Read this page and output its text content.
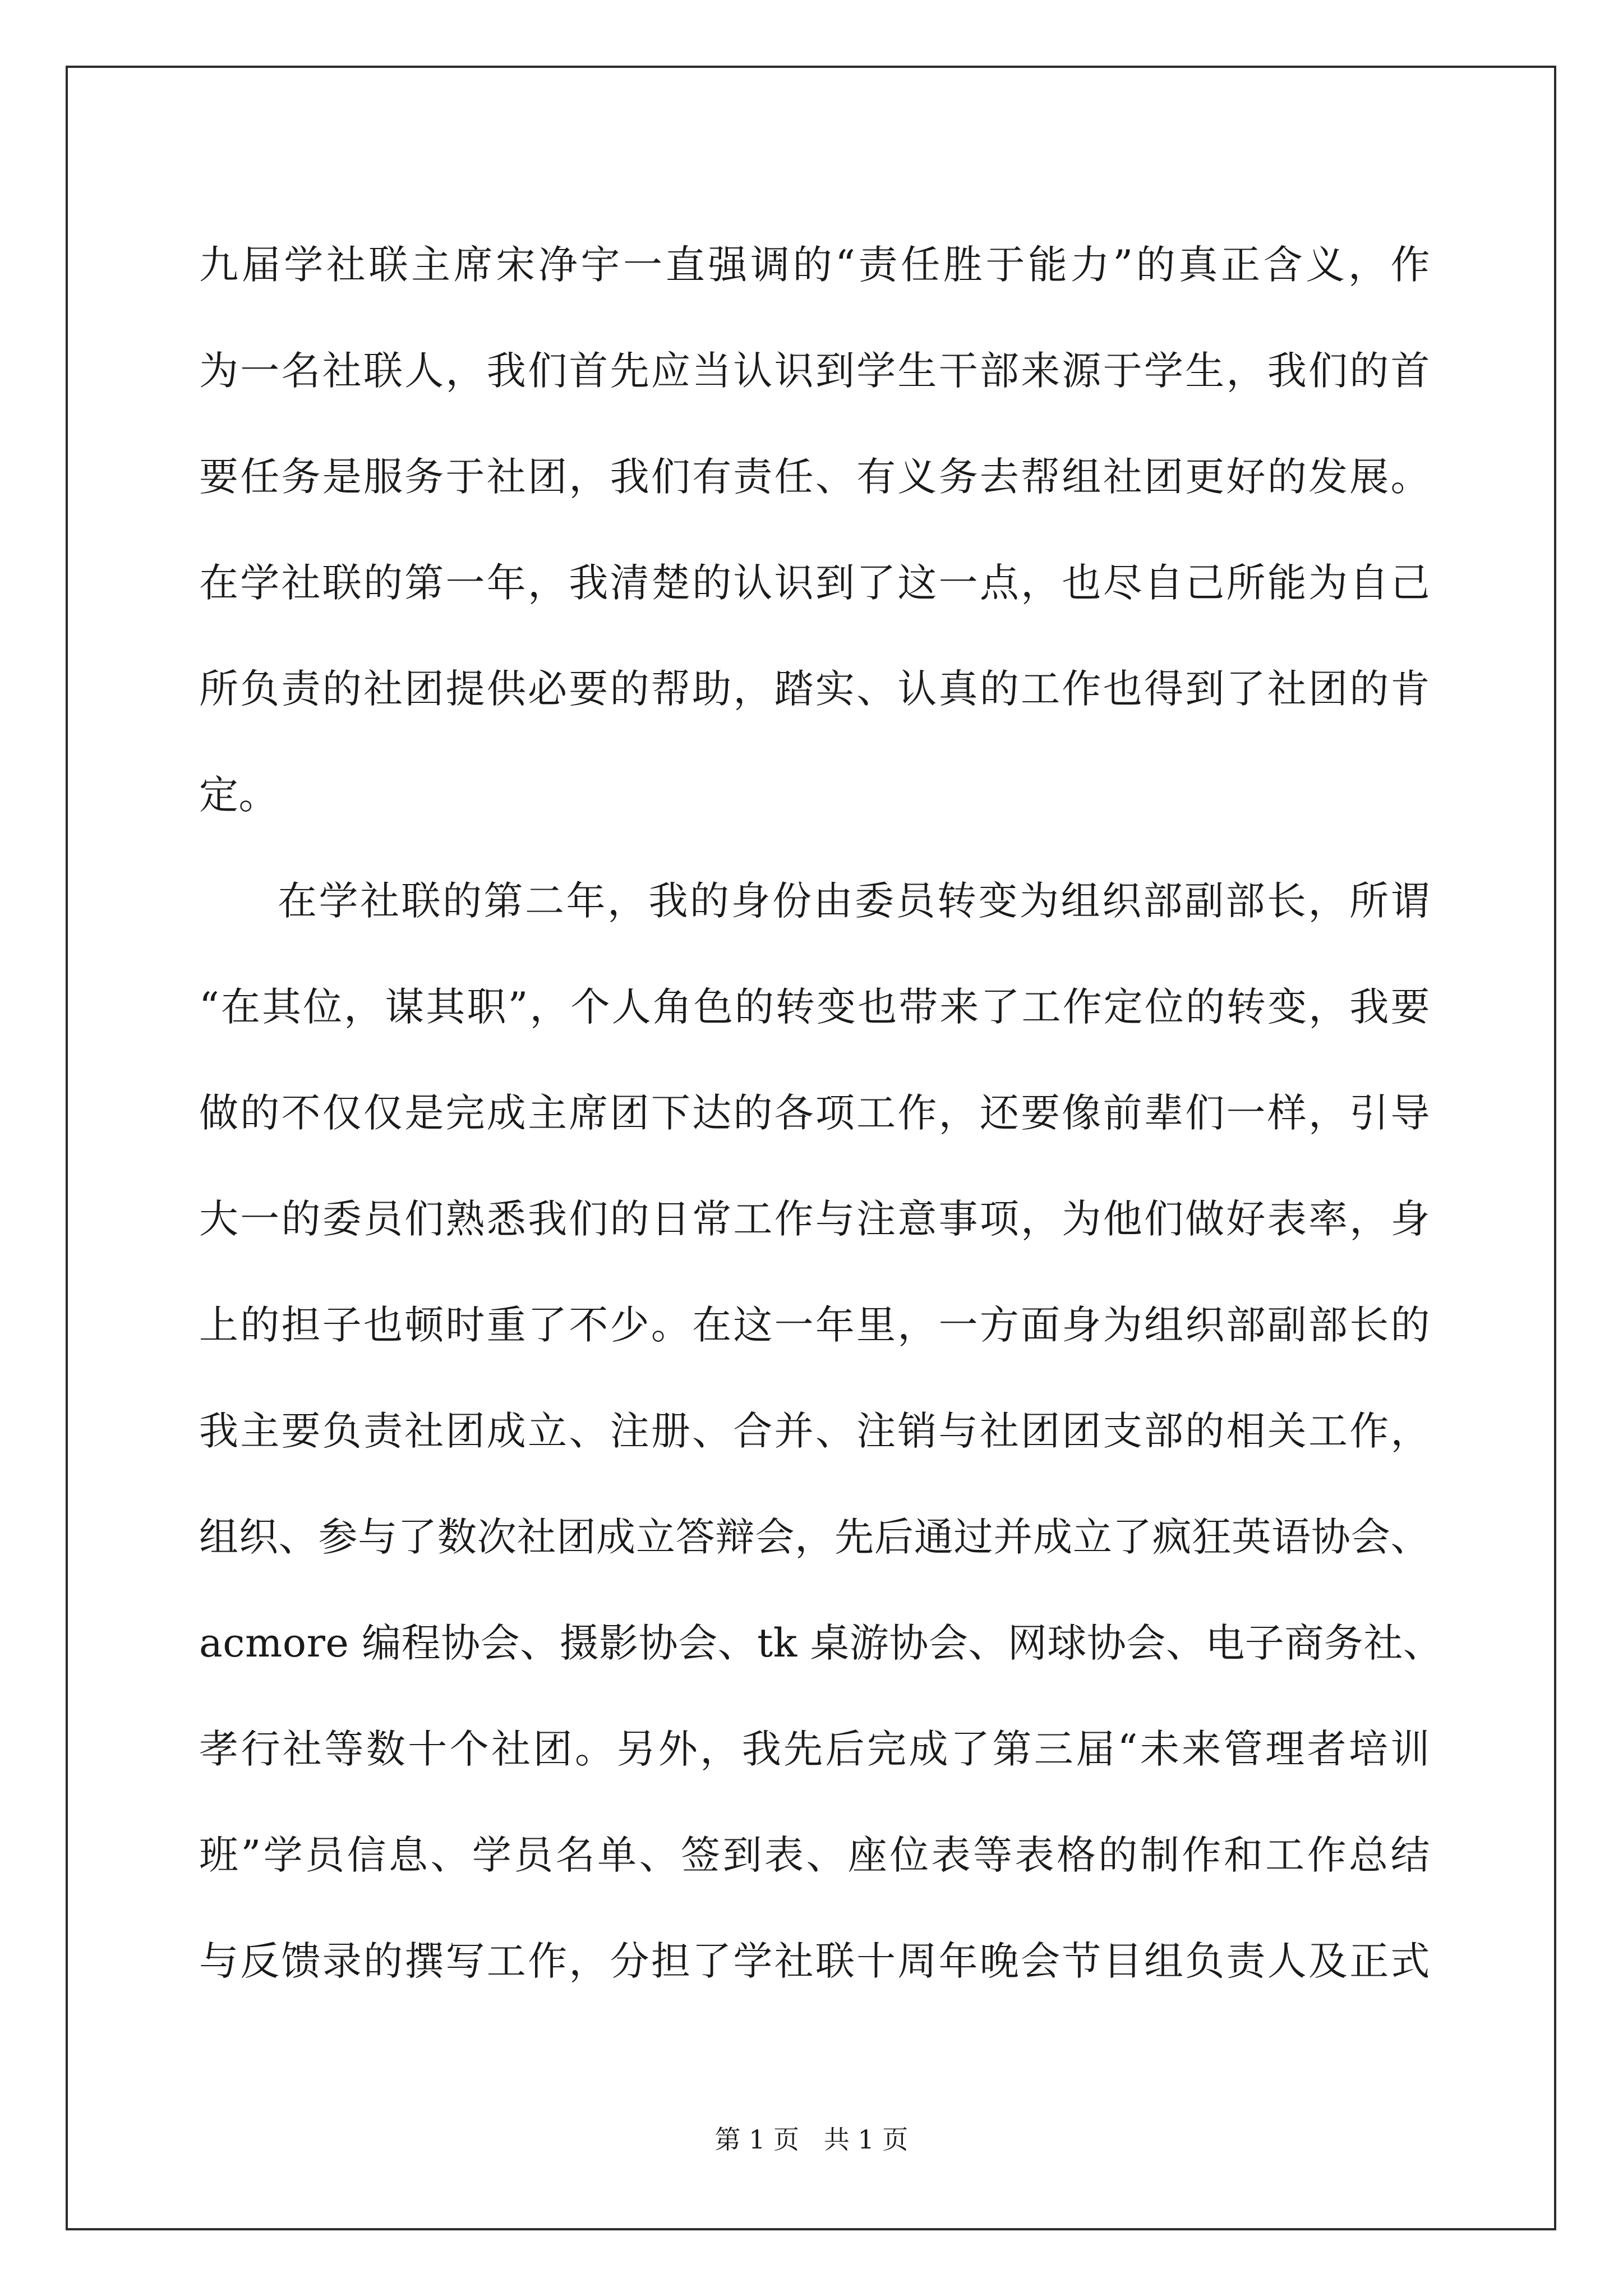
九届学社联主席宋净宇一直强调的“责任胜于能力”的真正含义，作
为一名社联人，我们首先应当认识到学生干部来源于学生，我们的首
要任务是服务于社团，我们有责任、有义务去帮组社团更好的发展。
在学社联的第一年，我清楚的认识到了这一点，也尽自己所能为自己
所负责的社团提供必要的帮助，踏实、认真的工作也得到了社团的肯
定。
在学社联的第二年，我的身份由委员转变为组织部副部长，所谓
“在其位，谋其职”，个人角色的转变也带来了工作定位的转变，我要
做的不仅仅是完成主席团下达的各项工作，还要像前辈们一样，引导
大一的委员们熟悉我们的日常工作与注意事项，为他们做好表率，身
上的担子也顿时重了不少。在这一年里，一方面身为组织部副部长的
我主要负责社团成立、注册、合并、注销与社团团支部的相关工作，
组织、参与了数次社团成立答辩会，先后通过并成立了疯狂英语协会、
acmore 编程协会、摄影协会、tk 桌游协会、网球协会、电子商务社、
孝行社等数十个社团。另外，我先后完成了第三届“未来管理者培训
班”学员信息、学员名单、签到表、座位表等表格的制作和工作总结
与反馈录的撰写工作，分担了学社联十周年晚会节目组负责人及正式
第 1 页   共 1 页
